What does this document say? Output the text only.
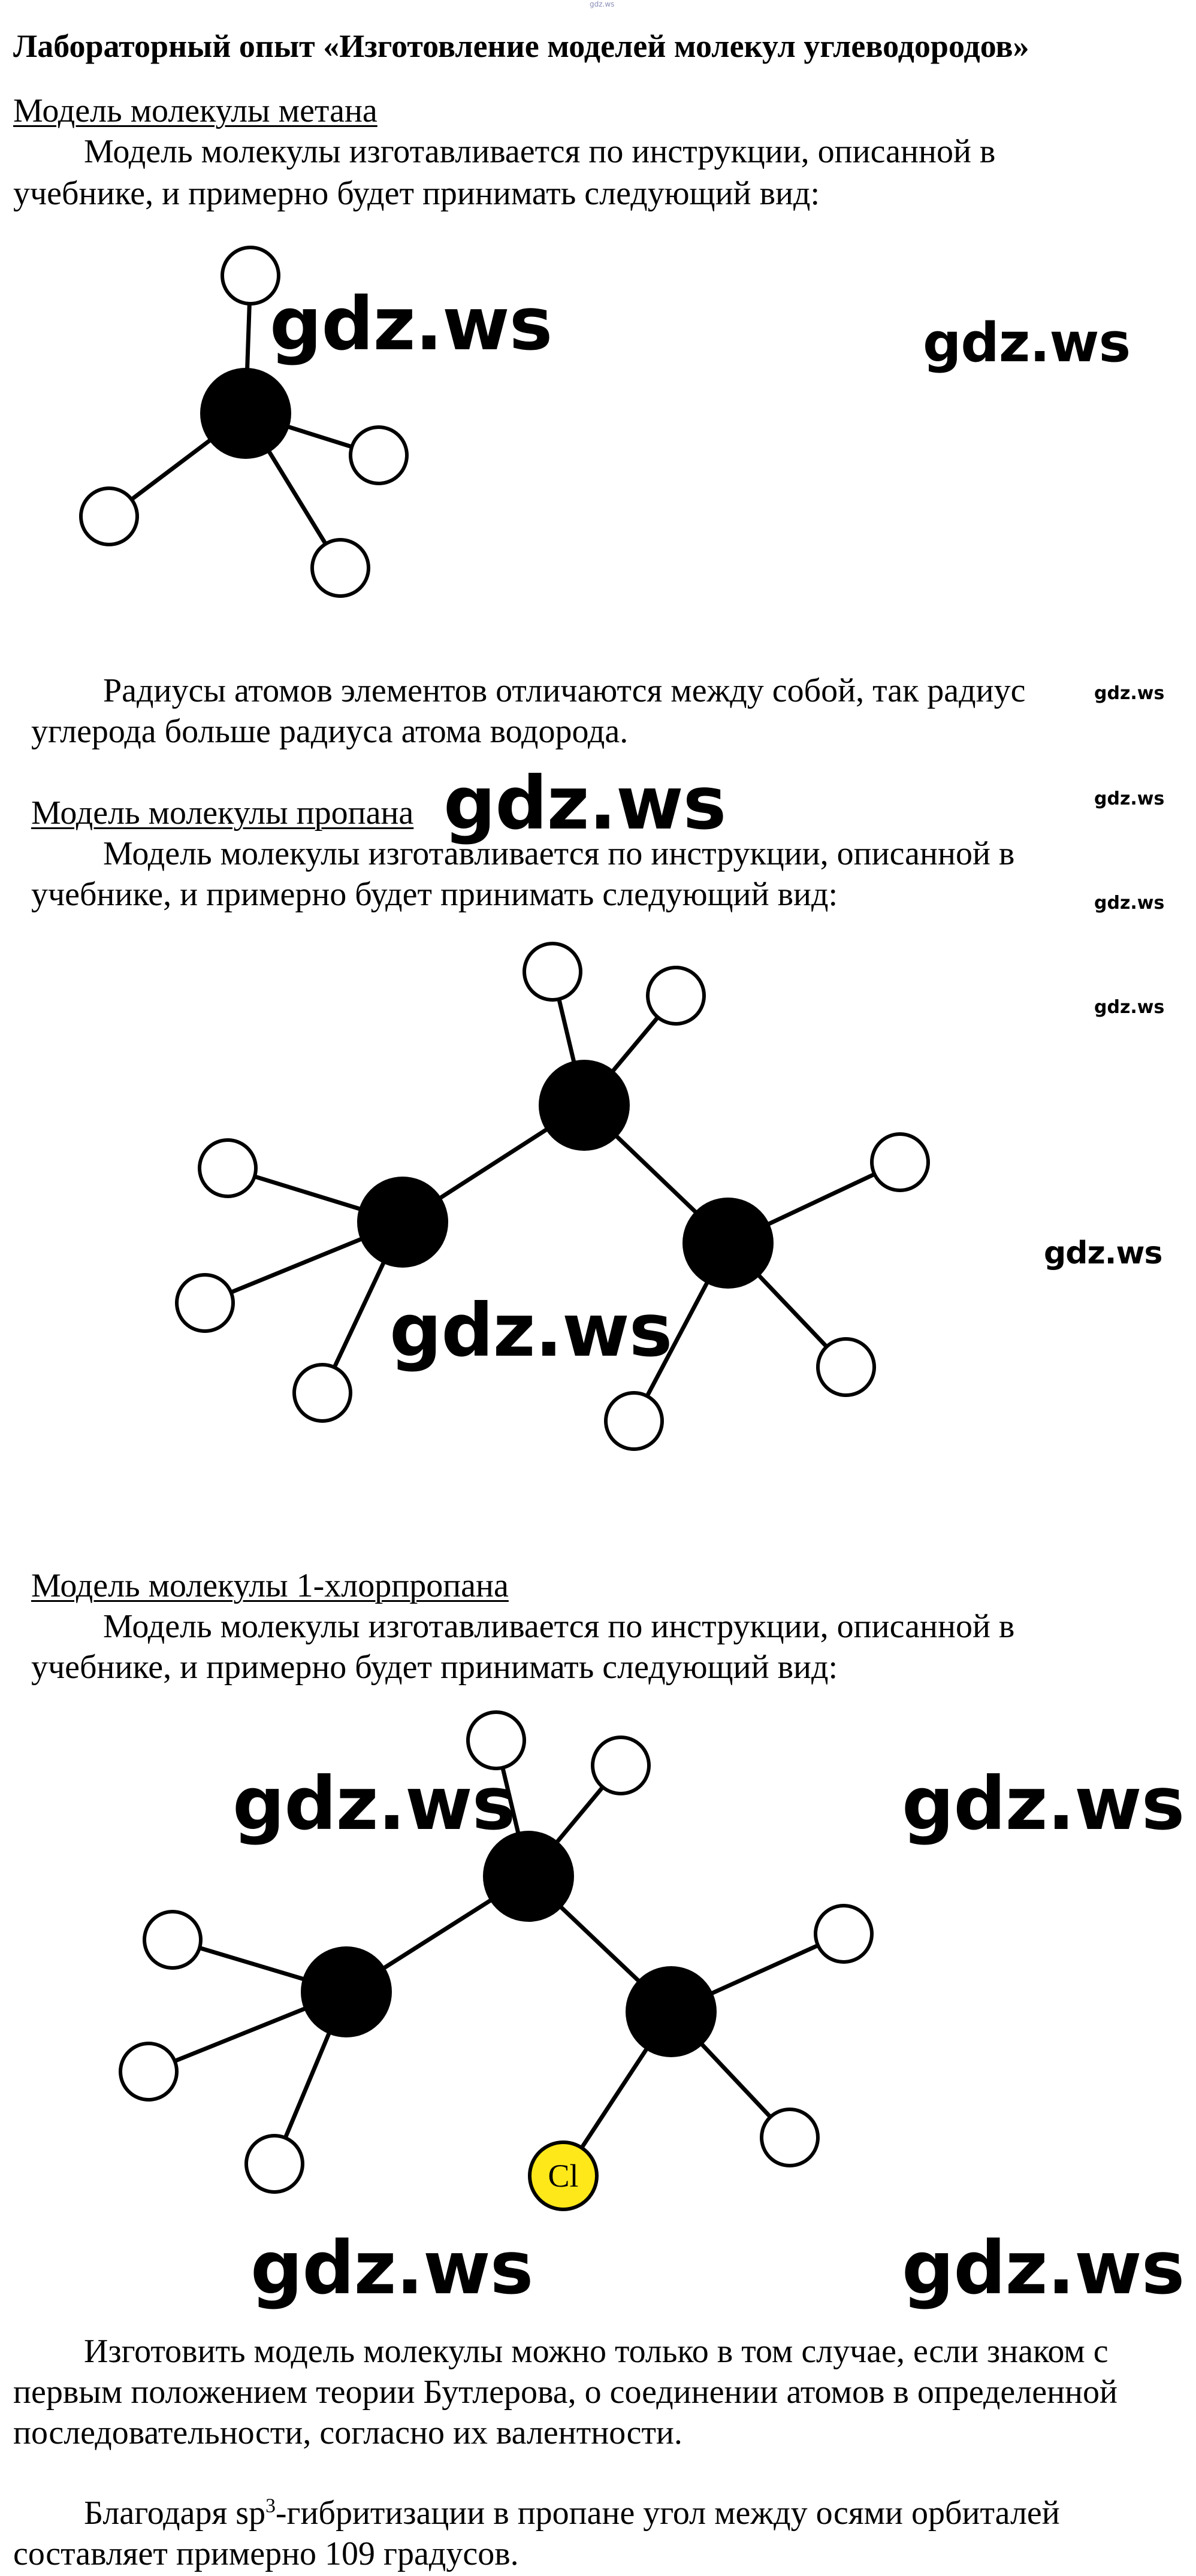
gdz.ws
Лабораторный опыт «Изготовление моделей молекул углеводородов»
Модель молекулы метана
Модель молекулы изготавливается по инструкции, описанной в
учебнике, и примерно будет принимать следующий вид:
gdz.ws	gdz.ws
Радиусы атомов элементов отличаются между собой, так радиус
углерода больше радиуса атома водорода.
gdz.ws
gdz.ws
gdz.ws
gdz.ws
Модель молекулы пропана gdz.ws
Модель молекулы изготавливается по инструкции, описанной в
учебнике, и примерно будет принимать следующий вид:
gdz.ws
gdz.ws
Модель молекулы 1-хлорпропана
Модель молекулы изготавливается по инструкции, описанной в
учебнике, и примерно будет принимать следующий вид:
Cl
gdz.ws	gdz.ws
gdz.ws	gdz.ws
Изготовить модель молекулы можно только в том случае, если знаком с
первым положением теории Бутлерова, о соединении атомов в определенной
последовательности, согласно их валентности.
Благодаря $sp^3$-гибритизации в пропане угол между осями орбиталей
составляет примерно 109 градусов.
